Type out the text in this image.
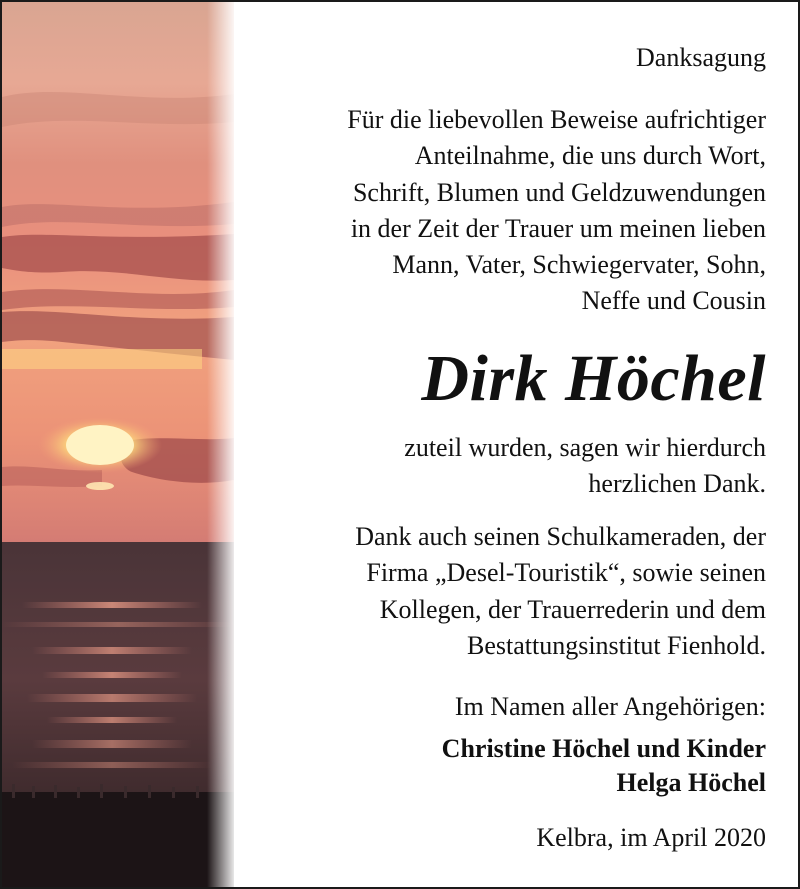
Danksagung
Für die liebevollen Beweise aufrichtiger
Anteilnahme, die uns durch Wort,
Schrift, Blumen und Geldzuwendungen
in der Zeit der Trauer um meinen lieben
Mann, Vater, Schwiegervater, Sohn,
Neffe und Cousin
Dirk Höchel
zuteil wurden, sagen wir hierdurch
herzlichen Dank.
Dank auch seinen Schulkameraden, der
Firma „Desel-Touristik“, sowie seinen
Kollegen, der Trauerrederin und dem
Bestattungsinstitut Fienhold.
Im Namen aller Angehörigen:
Christine Höchel und Kinder
Helga Höchel
Kelbra, im April 2020
